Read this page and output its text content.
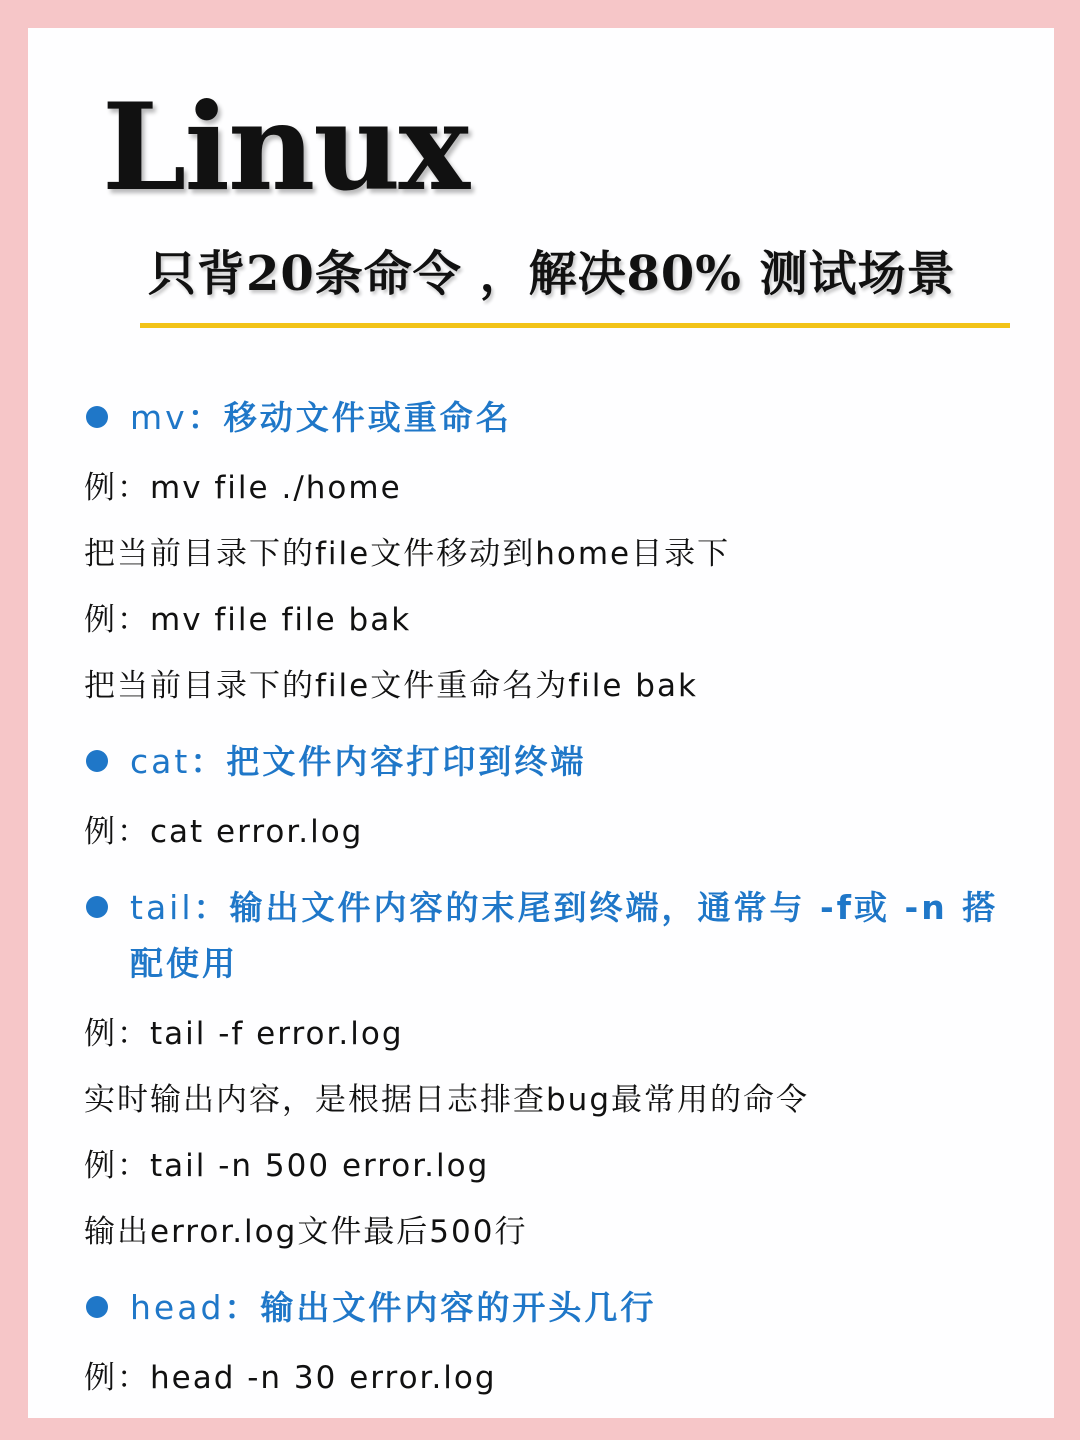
Linux
只背20条命令 ，解决80% 测试场景
mv：移动文件或重命名
例：mv file ./home
把当前目录下的file文件移动到home目录下
例：mv file file bak
把当前目录下的file文件重命名为file bak
cat：把文件内容打印到终端
例：cat error.log
tail：输出文件内容的末尾到终端，通常与 -f或 -n 搭配使用
例：tail -f error.log
实时输出内容，是根据日志排查bug最常用的命令
例：tail -n 500 error.log
输出error.log文件最后500行
head：输出文件内容的开头几行
例：head -n 30 error.log
